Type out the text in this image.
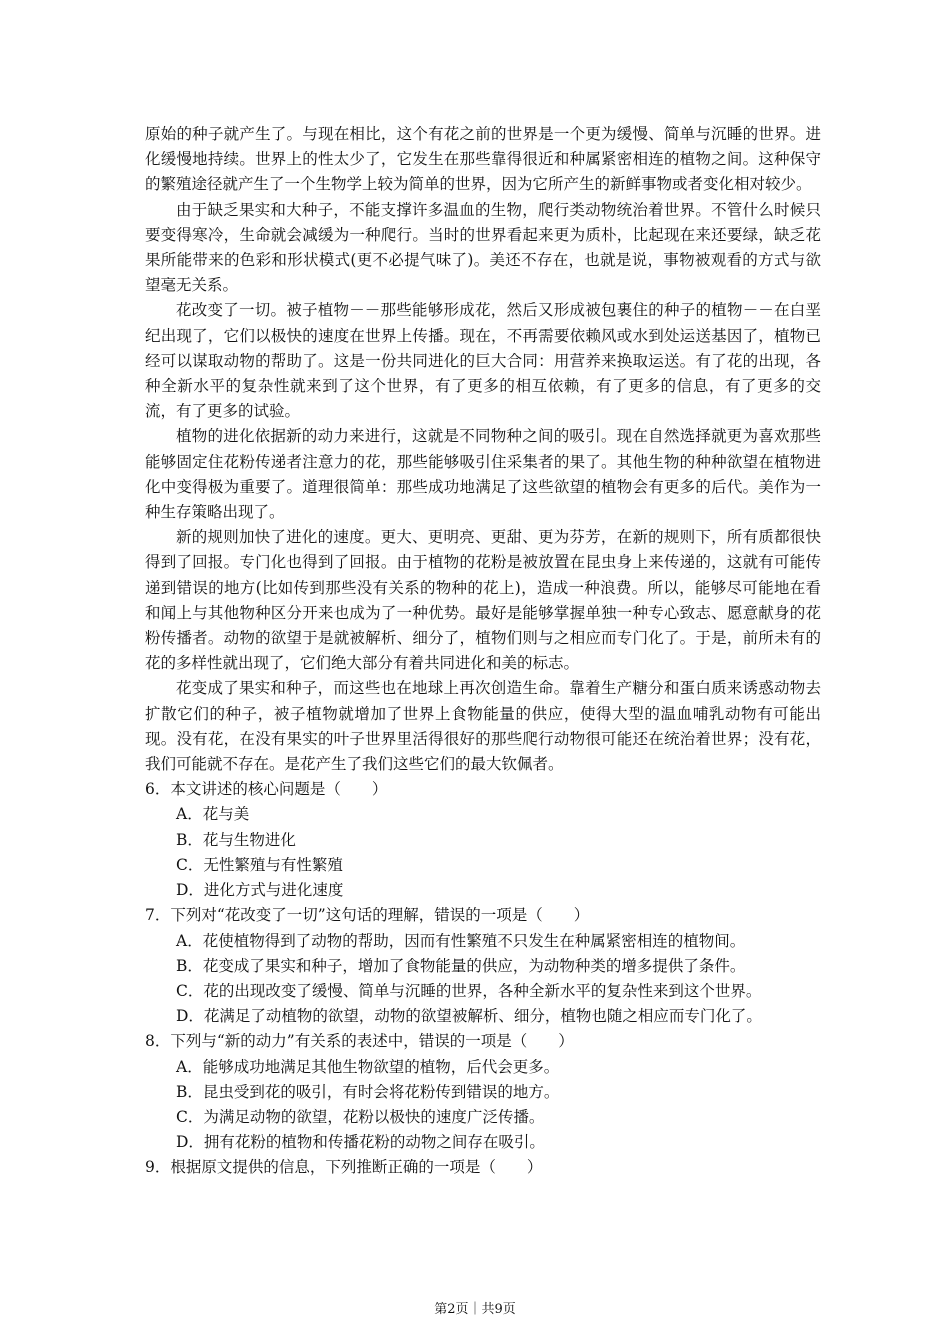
原始的种子就产生了。与现在相比，这个有花之前的世界是一个更为缓慢、简单与沉睡的世界。进化缓慢地持续。世界上的性太少了，它发生在那些靠得很近和种属紧密相连的植物之间。这种保守的繁殖途径就产生了一个生物学上较为简单的世界，因为它所产生的新鲜事物或者变化相对较少。

由于缺乏果实和大种子，不能支撑许多温血的生物，爬行类动物统治着世界。不管什么时候只要变得寒冷，生命就会减缓为一种爬行。当时的世界看起来更为质朴，比起现在来还要绿，缺乏花果所能带来的色彩和形状模式(更不必提气味了)。美还不存在，也就是说，事物被观看的方式与欲望毫无关系。

花改变了一切。被子植物－－那些能够形成花，然后又形成被包裹住的种子的植物－－在白垩纪出现了，它们以极快的速度在世界上传播。现在，不再需要依赖风或水到处运送基因了，植物已经可以谋取动物的帮助了。这是一份共同进化的巨大合同：用营养来换取运送。有了花的出现，各种全新水平的复杂性就来到了这个世界，有了更多的相互依赖，有了更多的信息，有了更多的交流，有了更多的试验。

植物的进化依据新的动力来进行，这就是不同物种之间的吸引。现在自然选择就更为喜欢那些能够固定住花粉传递者注意力的花，那些能够吸引住采集者的果了。其他生物的种种欲望在植物进化中变得极为重要了。道理很简单：那些成功地满足了这些欲望的植物会有更多的后代。美作为一种生存策略出现了。

新的规则加快了进化的速度。更大、更明亮、更甜、更为芬芳，在新的规则下，所有质都很快得到了回报。专门化也得到了回报。由于植物的花粉是被放置在昆虫身上来传递的，这就有可能传递到错误的地方(比如传到那些没有关系的物种的花上)，造成一种浪费。所以，能够尽可能地在看和闻上与其他物种区分开来也成为了一种优势。最好是能够掌握单独一种专心致志、愿意献身的花粉传播者。动物的欲望于是就被解析、细分了，植物们则与之相应而专门化了。于是，前所未有的花的多样性就出现了，它们绝大部分有着共同进化和美的标志。

花变成了果实和种子，而这些也在地球上再次创造生命。靠着生产糖分和蛋白质来诱惑动物去扩散它们的种子，被子植物就增加了世界上食物能量的供应，使得大型的温血哺乳动物有可能出现。没有花，在没有果实的叶子世界里活得很好的那些爬行动物很可能还在统治着世界；没有花，我们可能就不存在。是花产生了我们这些它们的最大钦佩者。

6．本文讲述的核心问题是（　　）

A．花与美

B．花与生物进化

C．无性繁殖与有性繁殖

D．进化方式与进化速度

7．下列对“花改变了一切”这句话的理解，错误的一项是（　　）

A．花使植物得到了动物的帮助，因而有性繁殖不只发生在种属紧密相连的植物间。

B．花变成了果实和种子，增加了食物能量的供应，为动物种类的增多提供了条件。

C．花的出现改变了缓慢、简单与沉睡的世界，各种全新水平的复杂性来到这个世界。

D．花满足了动植物的欲望，动物的欲望被解析、细分，植物也随之相应而专门化了。

8．下列与“新的动力”有关系的表述中，错误的一项是（　　）

A．能够成功地满足其他生物欲望的植物，后代会更多。

B．昆虫受到花的吸引，有时会将花粉传到错误的地方。

C．为满足动物的欲望，花粉以极快的速度广泛传播。

D．拥有花粉的植物和传播花粉的动物之间存在吸引。

9．根据原文提供的信息，下列推断正确的一项是（　　）

第2页｜共9页
